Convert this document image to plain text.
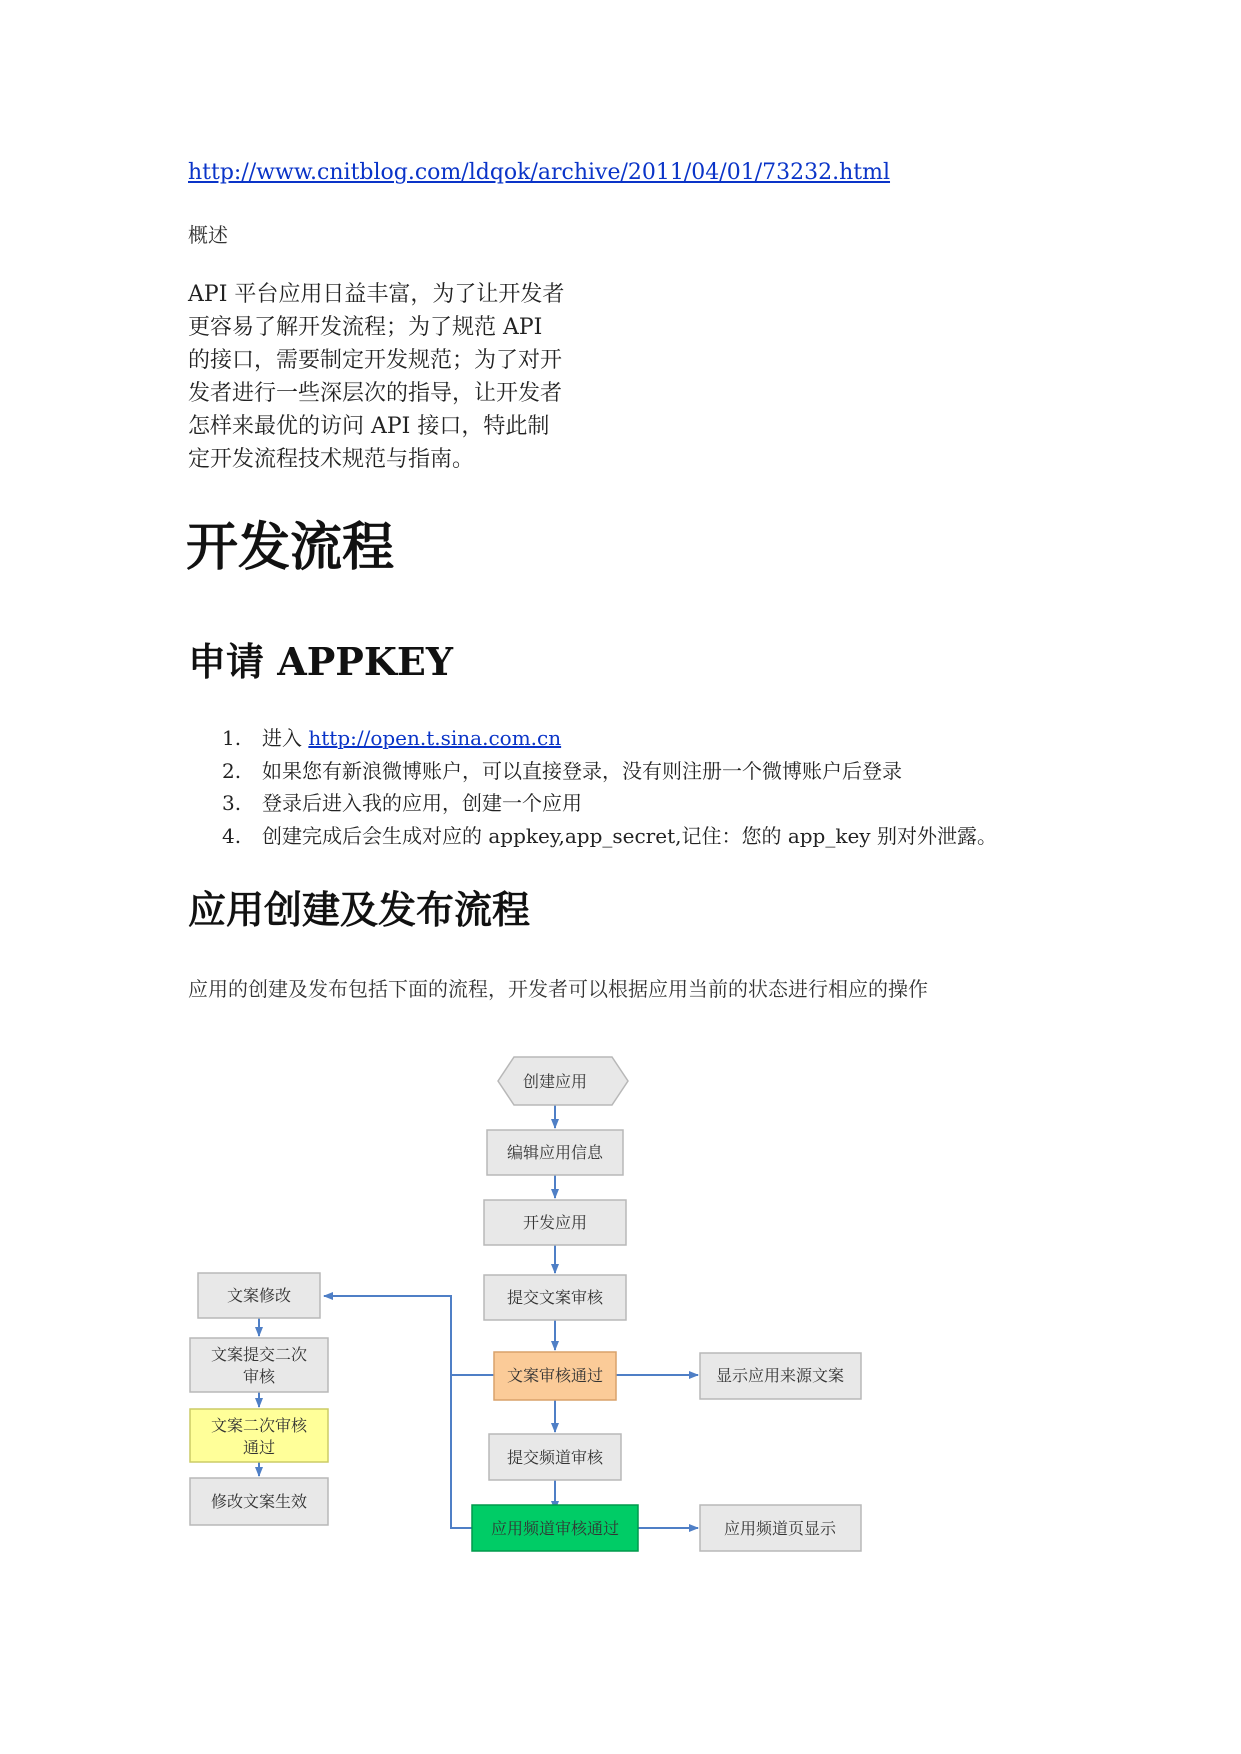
http://www.cnitblog.com/ldqok/archive/2011/04/01/73232.html
概述
API 平台应用日益丰富，为了让开发者更容易了解开发流程；为了规范 API 的接口，需要制定开发规范；为了对开发者进行一些深层次的指导，让开发者怎样来最优的访问 API 接口，特此制定开发流程技术规范与指南。
开发流程
申请 APPKEY
1. 进入 http://open.t.sina.com.cn
2. 如果您有新浪微博账户，可以直接登录，没有则注册一个微博账户后登录
3. 登录后进入我的应用，创建一个应用
4. 创建完成后会生成对应的 appkey,app_secret,记住：您的 app_key 别对外泄露。
应用创建及发布流程
应用的创建及发布包括下面的流程，开发者可以根据应用当前的状态进行相应的操作
创建应用
编辑应用信息
开发应用
提交文案审核
文案审核通过
提交频道审核
应用频道审核通过
显示应用来源文案
应用频道页显示
文案修改
文案提交二次
审核
文案二次审核
通过
修改文案生效
